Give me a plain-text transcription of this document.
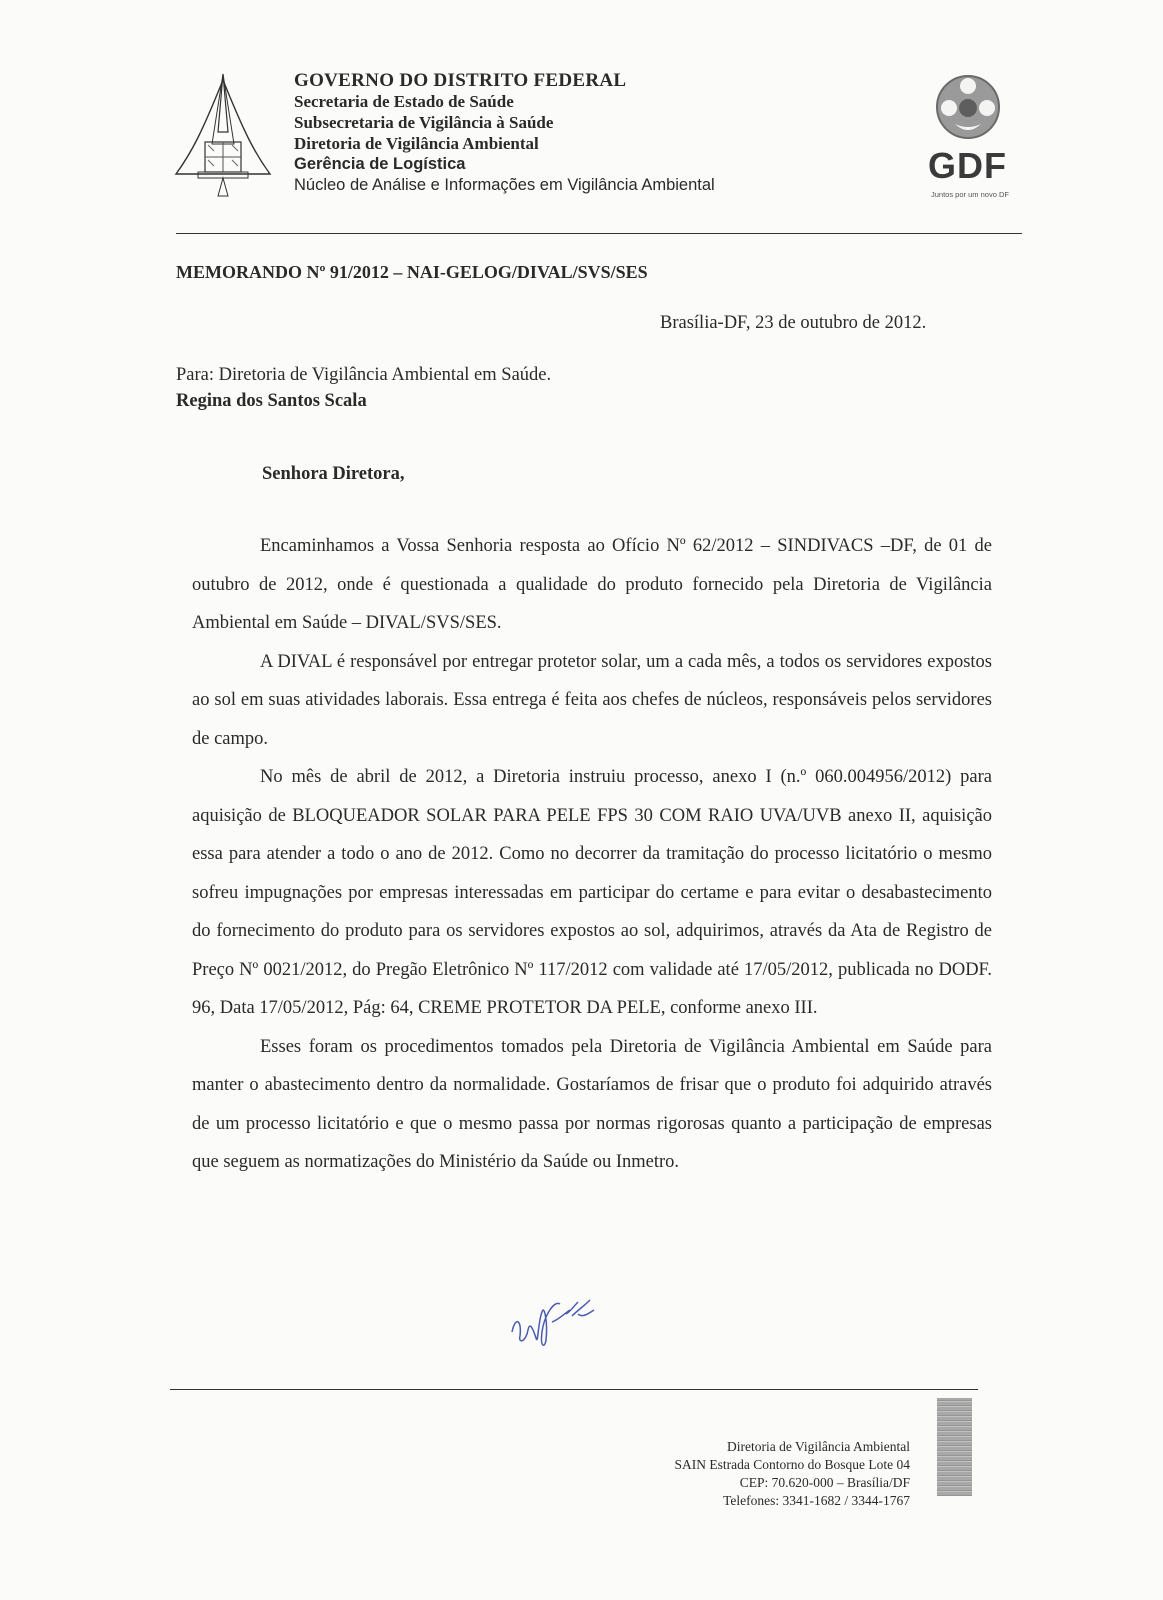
GOVERNO DO DISTRITO FEDERAL
Secretaria de Estado de Saúde
Subsecretaria de Vigilância à Saúde
Diretoria de Vigilância Ambiental
Gerência de Logística
Núcleo de Análise e Informações em Vigilância Ambiental	GDF
Juntos por um novo DF
MEMORANDO Nº 91/2012 – NAI-GELOG/DIVAL/SVS/SES
Brasília-DF, 23 de outubro de 2012.
Para: Diretoria de Vigilância Ambiental em Saúde.
Regina dos Santos Scala
Senhora Diretora,

Encaminhamos a Vossa Senhoria resposta ao Ofício Nº 62/2012 – SINDIVACS –DF, de 01 de outubro de 2012, onde é questionada a qualidade do produto fornecido pela Diretoria de Vigilância Ambiental em Saúde – DIVAL/SVS/SES.

A DIVAL é responsável por entregar protetor solar, um a cada mês, a todos os servidores expostos ao sol em suas atividades laborais. Essa entrega é feita aos chefes de núcleos, responsáveis pelos servidores de campo.

No mês de abril de 2012, a Diretoria instruiu processo, anexo I (n.º 060.004956/2012) para aquisição de BLOQUEADOR SOLAR PARA PELE FPS 30 COM RAIO UVA/UVB anexo II, aquisição essa para atender a todo o ano de 2012. Como no decorrer da tramitação do processo licitatório o mesmo sofreu impugnações por empresas interessadas em participar do certame e para evitar o desabastecimento do fornecimento do produto para os servidores expostos ao sol, adquirimos, através da Ata de Registro de Preço Nº 0021/2012, do Pregão Eletrônico Nº 117/2012 com validade até 17/05/2012, publicada no DODF. 96, Data 17/05/2012, Pág: 64, CREME PROTETOR DA PELE, conforme anexo III.

Esses foram os procedimentos tomados pela Diretoria de Vigilância Ambiental em Saúde para manter o abastecimento dentro da normalidade. Gostaríamos de frisar que o produto foi adquirido através de um processo licitatório e que o mesmo passa por normas rigorosas quanto a participação de empresas que seguem as normatizações do Ministério da Saúde ou Inmetro.

Diretoria de Vigilância Ambiental
SAIN Estrada Contorno do Bosque Lote 04
CEP: 70.620-000 – Brasília/DF
Telefones: 3341-1682 / 3344-1767
